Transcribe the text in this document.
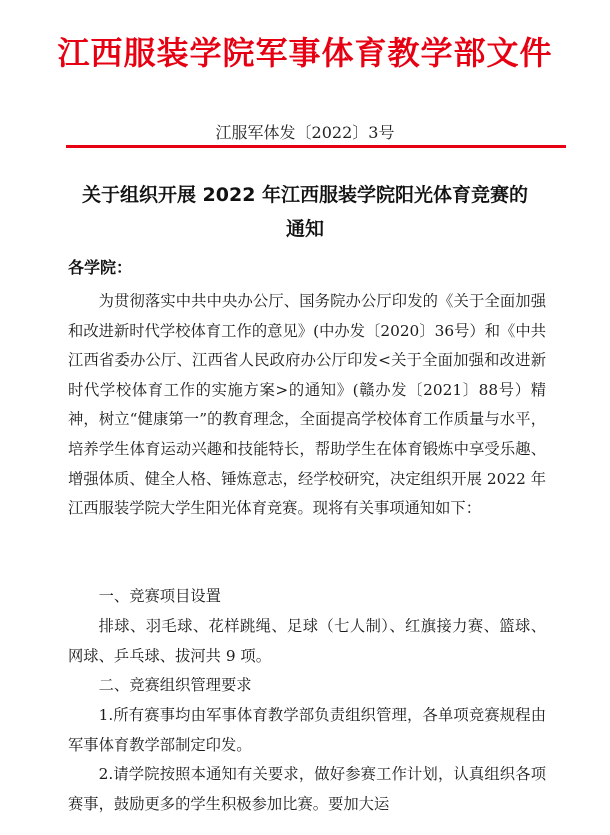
江西服装学院军事体育教学部文件
江服军体发〔2022〕3号
关于组织开展 2022 年江西服装学院阳光体育竞赛的
通知
各学院：

为贯彻落实中共中央办公厅、国务院办公厅印发的《关于全面加强和改进新时代学校体育工作的意见》(中办发〔2020〕36号）和《中共江西省委办公厅、江西省人民政府办公厅印发<关于全面加强和改进新时代学校体育工作的实施方案>的通知》(赣办发〔2021〕88号）精神，树立“健康第一”的教育理念，全面提高学校体育工作质量与水平，培养学生体育运动兴趣和技能特长，帮助学生在体育锻炼中享受乐趣、增强体质、健全人格、锤炼意志，经学校研究，决定组织开展 2022 年江西服装学院大学生阳光体育竞赛。现将有关事项通知如下：

一、竞赛项目设置

排球、羽毛球、花样跳绳、足球（七人制）、红旗接力赛、篮球、网球、乒乓球、拔河共 9 项。

二、竞赛组织管理要求

1.所有赛事均由军事体育教学部负责组织管理，各单项竞赛规程由军事体育教学部制定印发。

2.请学院按照本通知有关要求，做好参赛工作计划，认真组织各项赛事，鼓励更多的学生积极参加比赛。要加大运
